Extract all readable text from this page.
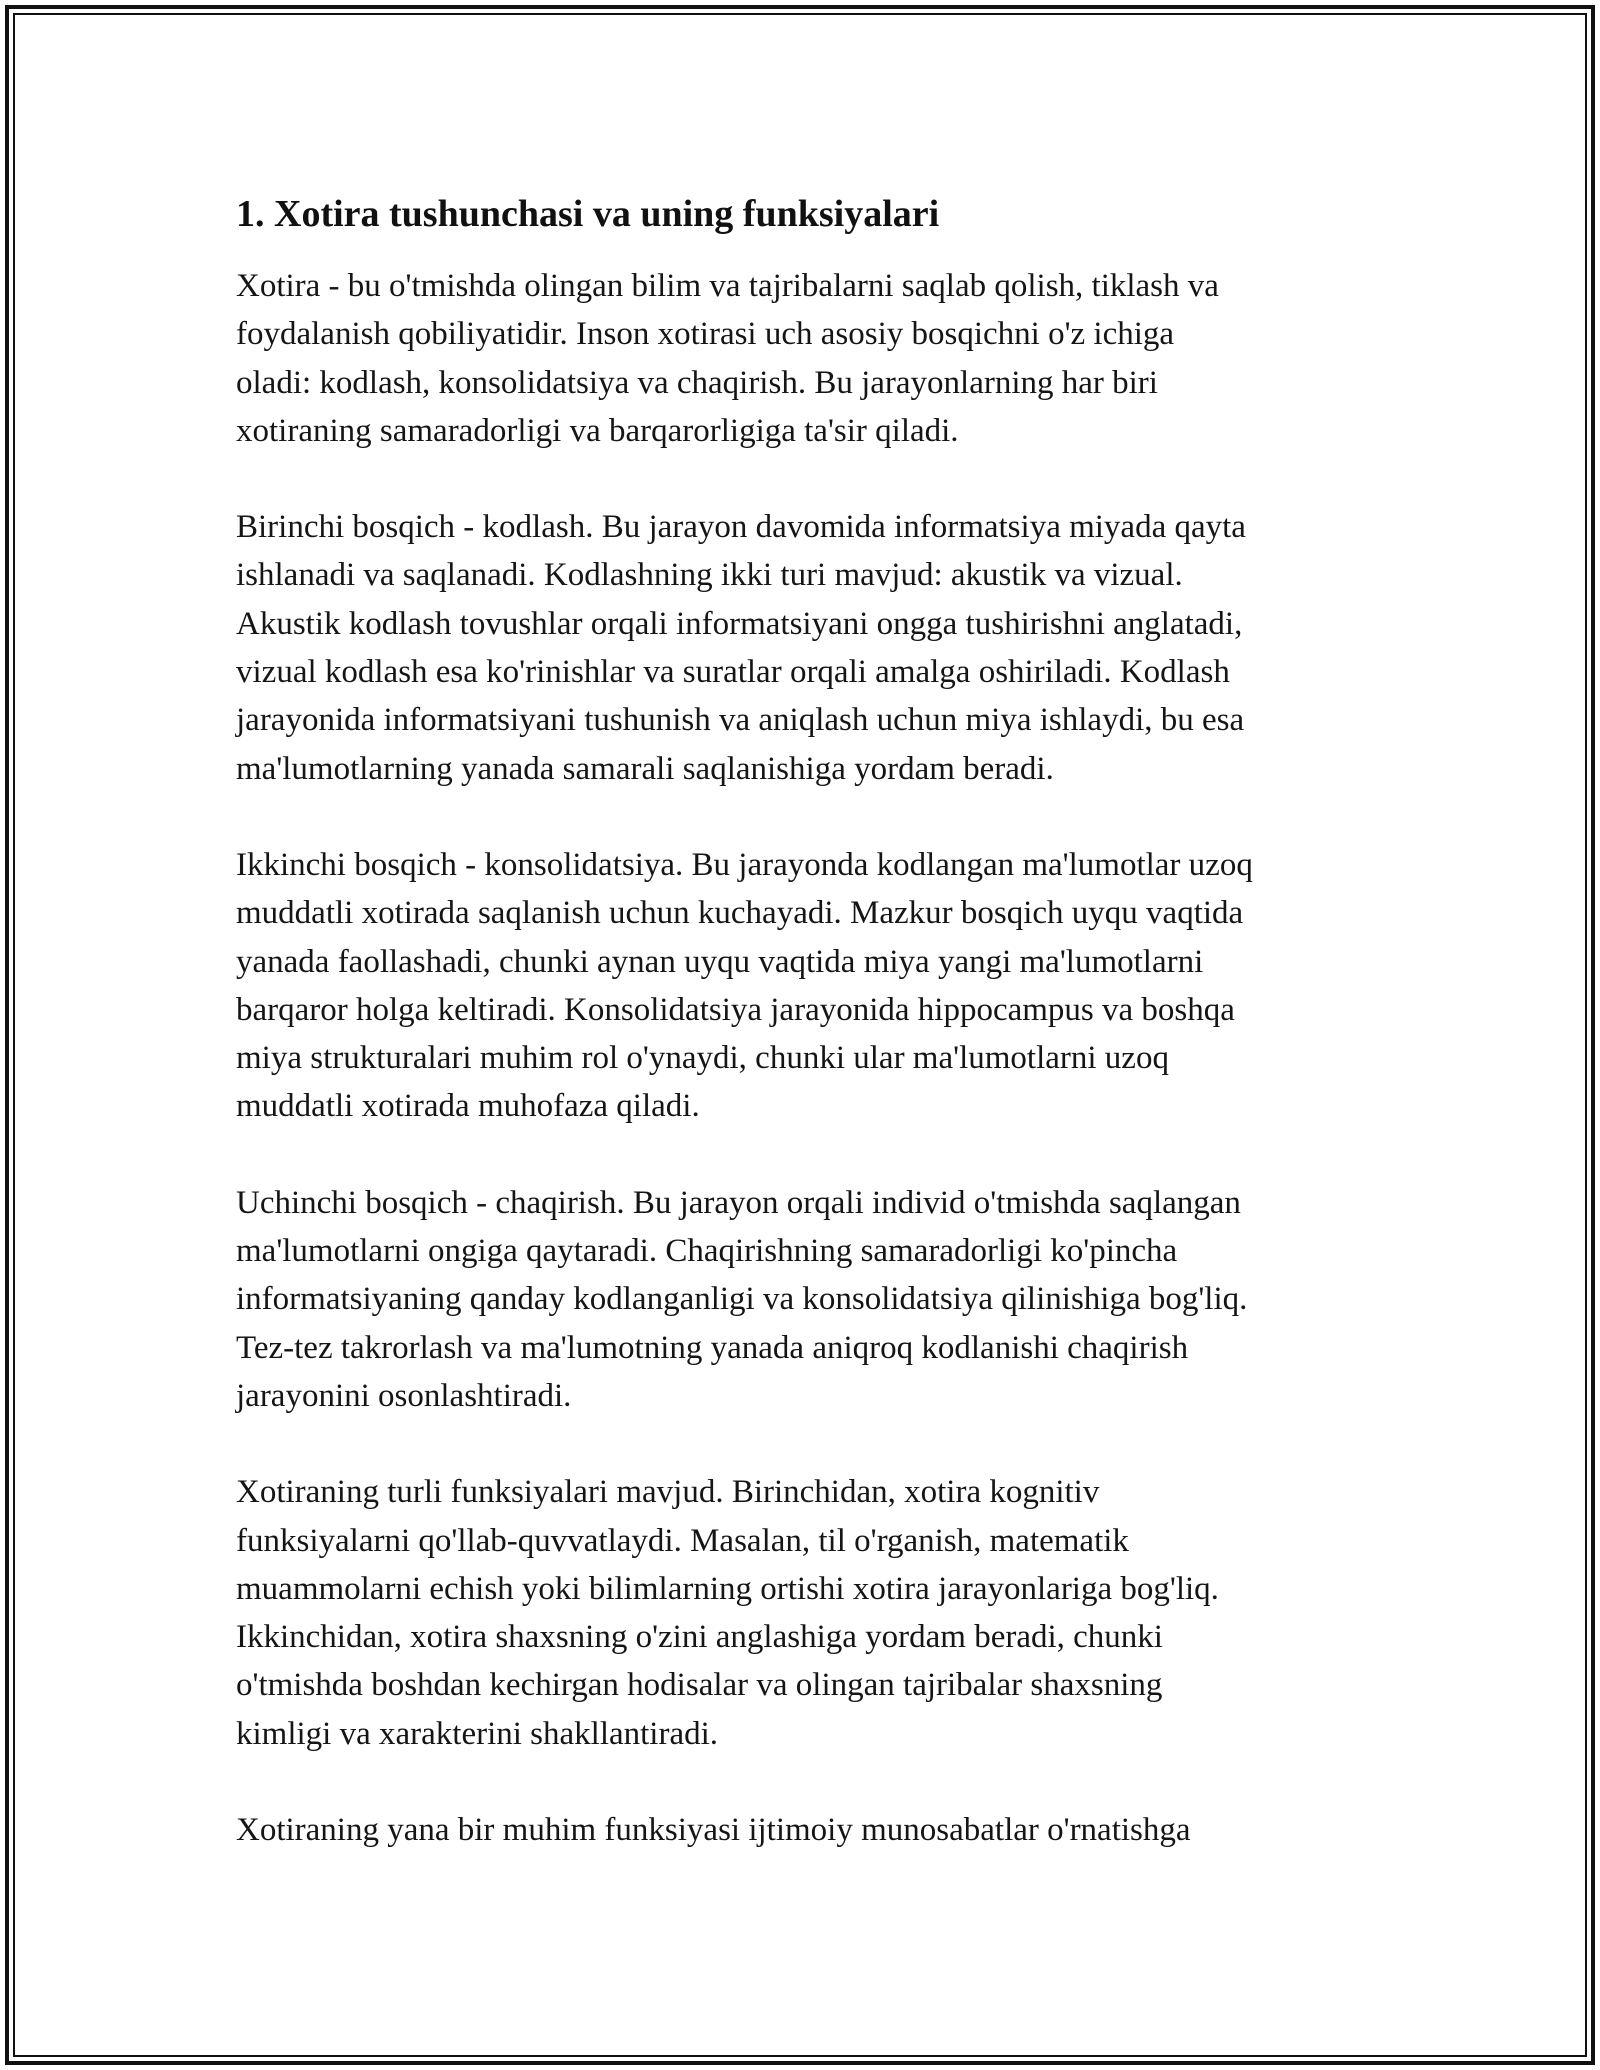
1. Xotira tushunchasi va uning funksiyalari

Xotira - bu o'tmishda olingan bilim va tajribalarni saqlab qolish, tiklash va
foydalanish qobiliyatidir. Inson xotirasi uch asosiy bosqichni o'z ichiga
oladi: kodlash, konsolidatsiya va chaqirish. Bu jarayonlarning har biri
xotiraning samaradorligi va barqarorligiga ta'sir qiladi.

Birinchi bosqich - kodlash. Bu jarayon davomida informatsiya miyada qayta
ishlanadi va saqlanadi. Kodlashning ikki turi mavjud: akustik va vizual.
Akustik kodlash tovushlar orqali informatsiyani ongga tushirishni anglatadi,
vizual kodlash esa ko'rinishlar va suratlar orqali amalga oshiriladi. Kodlash
jarayonida informatsiyani tushunish va aniqlash uchun miya ishlaydi, bu esa
ma'lumotlarning yanada samarali saqlanishiga yordam beradi.

Ikkinchi bosqich - konsolidatsiya. Bu jarayonda kodlangan ma'lumotlar uzoq
muddatli xotirada saqlanish uchun kuchayadi. Mazkur bosqich uyqu vaqtida
yanada faollashadi, chunki aynan uyqu vaqtida miya yangi ma'lumotlarni
barqaror holga keltiradi. Konsolidatsiya jarayonida hippocampus va boshqa
miya strukturalari muhim rol o'ynaydi, chunki ular ma'lumotlarni uzoq
muddatli xotirada muhofaza qiladi.

Uchinchi bosqich - chaqirish. Bu jarayon orqali individ o'tmishda saqlangan
ma'lumotlarni ongiga qaytaradi. Chaqirishning samaradorligi ko'pincha
informatsiyaning qanday kodlanganligi va konsolidatsiya qilinishiga bog'liq.
Tez-tez takrorlash va ma'lumotning yanada aniqroq kodlanishi chaqirish
jarayonini osonlashtiradi.

Xotiraning turli funksiyalari mavjud. Birinchidan, xotira kognitiv
funksiyalarni qo'llab-quvvatlaydi. Masalan, til o'rganish, matematik
muammolarni echish yoki bilimlarning ortishi xotira jarayonlariga bog'liq.
Ikkinchidan, xotira shaxsning o'zini anglashiga yordam beradi, chunki
o'tmishda boshdan kechirgan hodisalar va olingan tajribalar shaxsning
kimligi va xarakterini shakllantiradi.

Xotiraning yana bir muhim funksiyasi ijtimoiy munosabatlar o'rnatishga
